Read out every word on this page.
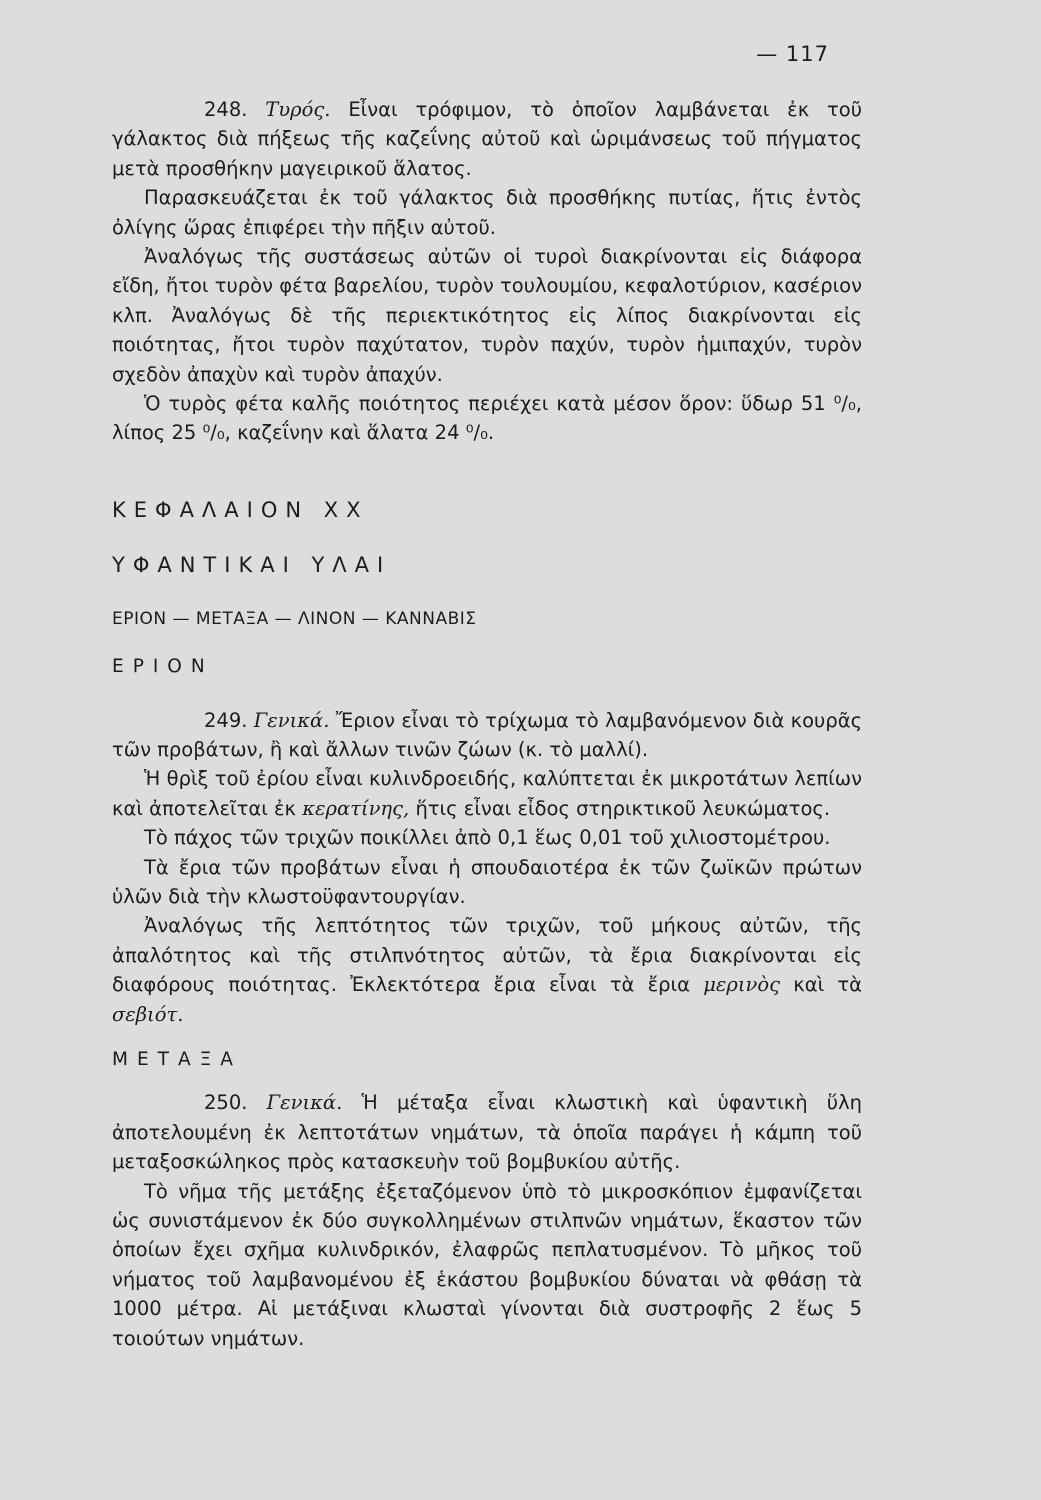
— 117

248. Τυρός. Εἶναι τρόφιμον, τὸ ὁποῖον λαμβάνεται ἐκ τοῦ γάλακτος διὰ πήξεως τῆς καζεΐνης αὐτοῦ καὶ ὡριμάνσεως τοῦ πήγματος μετὰ προσθήκην μαγειρικοῦ ἅλατος.

Παρασκευάζεται ἐκ τοῦ γάλακτος διὰ προσθήκης πυτίας, ἥτις ἐντὸς ὀλίγης ὥρας ἐπιφέρει τὴν πῆξιν αὐτοῦ.

Ἀναλόγως τῆς συστάσεως αὐτῶν οἱ τυροὶ διακρίνονται εἰς διάφορα εἴδη, ἤτοι τυρὸν φέτα βαρελίου, τυρὸν τουλουμίου, κεφαλοτύριον, κασέριον κλπ. Ἀναλόγως δὲ τῆς περιεκτικότητος εἰς λίπος διακρίνονται εἰς ποιότητας, ἤτοι τυρὸν παχύτατον, τυρὸν παχύν, τυρὸν ἡμιπαχύν, τυρὸν σχεδὸν ἀπαχὺν καὶ τυρὸν ἀπαχύν.

Ὁ τυρὸς φέτα καλῆς ποιότητος περιέχει κατὰ μέσον ὅρον: ὕδωρ 51 ⁰/₀, λίπος 25 ⁰/₀, καζεΐνην καὶ ἅλατα 24 ⁰/₀.

ΚΕΦΑΛΑΙΟΝ XX

ΥΦΑΝΤΙΚΑΙ ΥΛΑΙ

ΕΡΙΟΝ — ΜΕΤΑΞΑ — ΛΙΝΟΝ — ΚΑΝΝΑΒΙΣ

ΕΡΙΟΝ

249. Γενικά. Ἔριον εἶναι τὸ τρίχωμα τὸ λαμβανόμενον διὰ κουρᾶς τῶν προβάτων, ἢ καὶ ἄλλων τινῶν ζώων (κ. τὸ μαλλί).

Ἡ θρὶξ τοῦ ἐρίου εἶναι κυλινδροειδής, καλύπτεται ἐκ μικροτάτων λεπίων καὶ ἀποτελεῖται ἐκ κερατίνης, ἥτις εἶναι εἶδος στηρικτικοῦ λευκώματος.

Τὸ πάχος τῶν τριχῶν ποικίλλει ἀπὸ 0,1 ἕως 0,01 τοῦ χιλιοστομέτρου.

Τὰ ἔρια τῶν προβάτων εἶναι ἡ σπουδαιοτέρα ἐκ τῶν ζωϊκῶν πρώτων ὑλῶν διὰ τὴν κλωστοϋφαντουργίαν.

Ἀναλόγως τῆς λεπτότητος τῶν τριχῶν, τοῦ μήκους αὐτῶν, τῆς ἀπαλότητος καὶ τῆς στιλπνότητος αὐτῶν, τὰ ἔρια διακρίνονται εἰς διαφόρους ποιότητας. Ἐκλεκτότερα ἔρια εἶναι τὰ ἔρια μερινὸς καὶ τὰ σεβιότ.

ΜΕΤΑΞΑ

250. Γενικά. Ἡ μέταξα εἶναι κλωστικὴ καὶ ὑφαντικὴ ὕλη ἀποτελουμένη ἐκ λεπτοτάτων νημάτων, τὰ ὁποῖα παράγει ἡ κάμπη τοῦ μεταξοσκώληκος πρὸς κατασκευὴν τοῦ βομβυκίου αὐτῆς.

Τὸ νῆμα τῆς μετάξης ἐξεταζόμενον ὑπὸ τὸ μικροσκόπιον ἐμφανίζεται ὡς συνιστάμενον ἐκ δύο συγκολλημένων στιλπνῶν νημάτων, ἕκαστον τῶν ὁποίων ἔχει σχῆμα κυλινδρικόν, ἐλαφρῶς πεπλατυσμένον. Τὸ μῆκος τοῦ νήματος τοῦ λαμβανομένου ἐξ ἑκάστου βομβυκίου δύναται νὰ φθάσῃ τὰ 1000 μέτρα. Αἱ μετάξιναι κλωσταὶ γίνονται διὰ συστροφῆς 2 ἕως 5 τοιούτων νημάτων.
